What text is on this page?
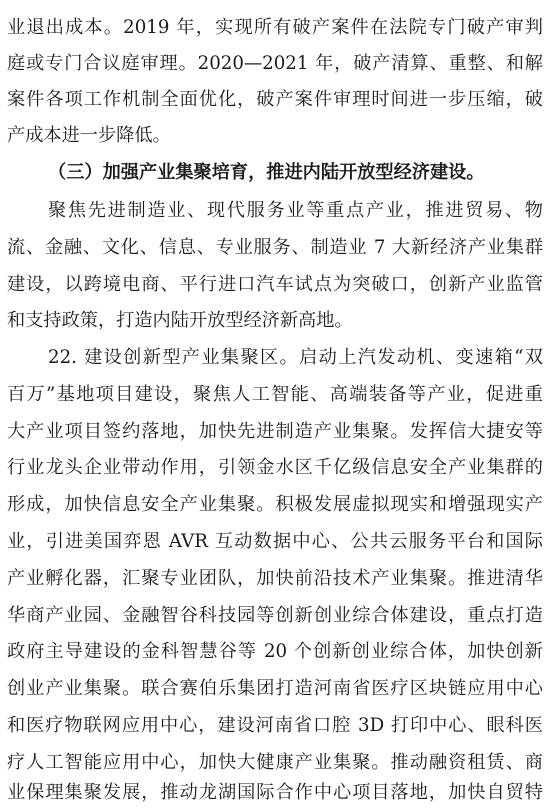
业退出成本。2019 年，实现所有破产案件在法院专门破产审判
庭或专门合议庭审理。2020—2021 年，破产清算、重整、和解
案件各项工作机制全面优化，破产案件审理时间进一步压缩，破
产成本进一步降低。
（三）加强产业集聚培育，推进内陆开放型经济建设。
聚焦先进制造业、现代服务业等重点产业，推进贸易、物
流、金融、文化、信息、专业服务、制造业 7 大新经济产业集群
建设，以跨境电商、平行进口汽车试点为突破口，创新产业监管
和支持政策，打造内陆开放型经济新高地。
22. 建设创新型产业集聚区。启动上汽发动机、变速箱“双
百万”基地项目建设，聚焦人工智能、高端装备等产业，促进重
大产业项目签约落地，加快先进制造产业集聚。发挥信大捷安等
行业龙头企业带动作用，引领金水区千亿级信息安全产业集群的
形成，加快信息安全产业集聚。积极发展虚拟现实和增强现实产
业，引进美国弈恩 AVR 互动数据中心、公共云服务平台和国际
产业孵化器，汇聚专业团队，加快前沿技术产业集聚。推进清华
华商产业园、金融智谷科技园等创新创业综合体建设，重点打造
政府主导建设的金科智慧谷等 20 个创新创业综合体，加快创新
创业产业集聚。联合赛伯乐集团打造河南省医疗区块链应用中心
和医疗物联网应用中心，建设河南省口腔 3D 打印中心、眼科医
疗人工智能应用中心，加快大健康产业集聚。推动融资租赁、商
业保理集聚发展，推动龙湖国际合作中心项目落地，加快自贸特
